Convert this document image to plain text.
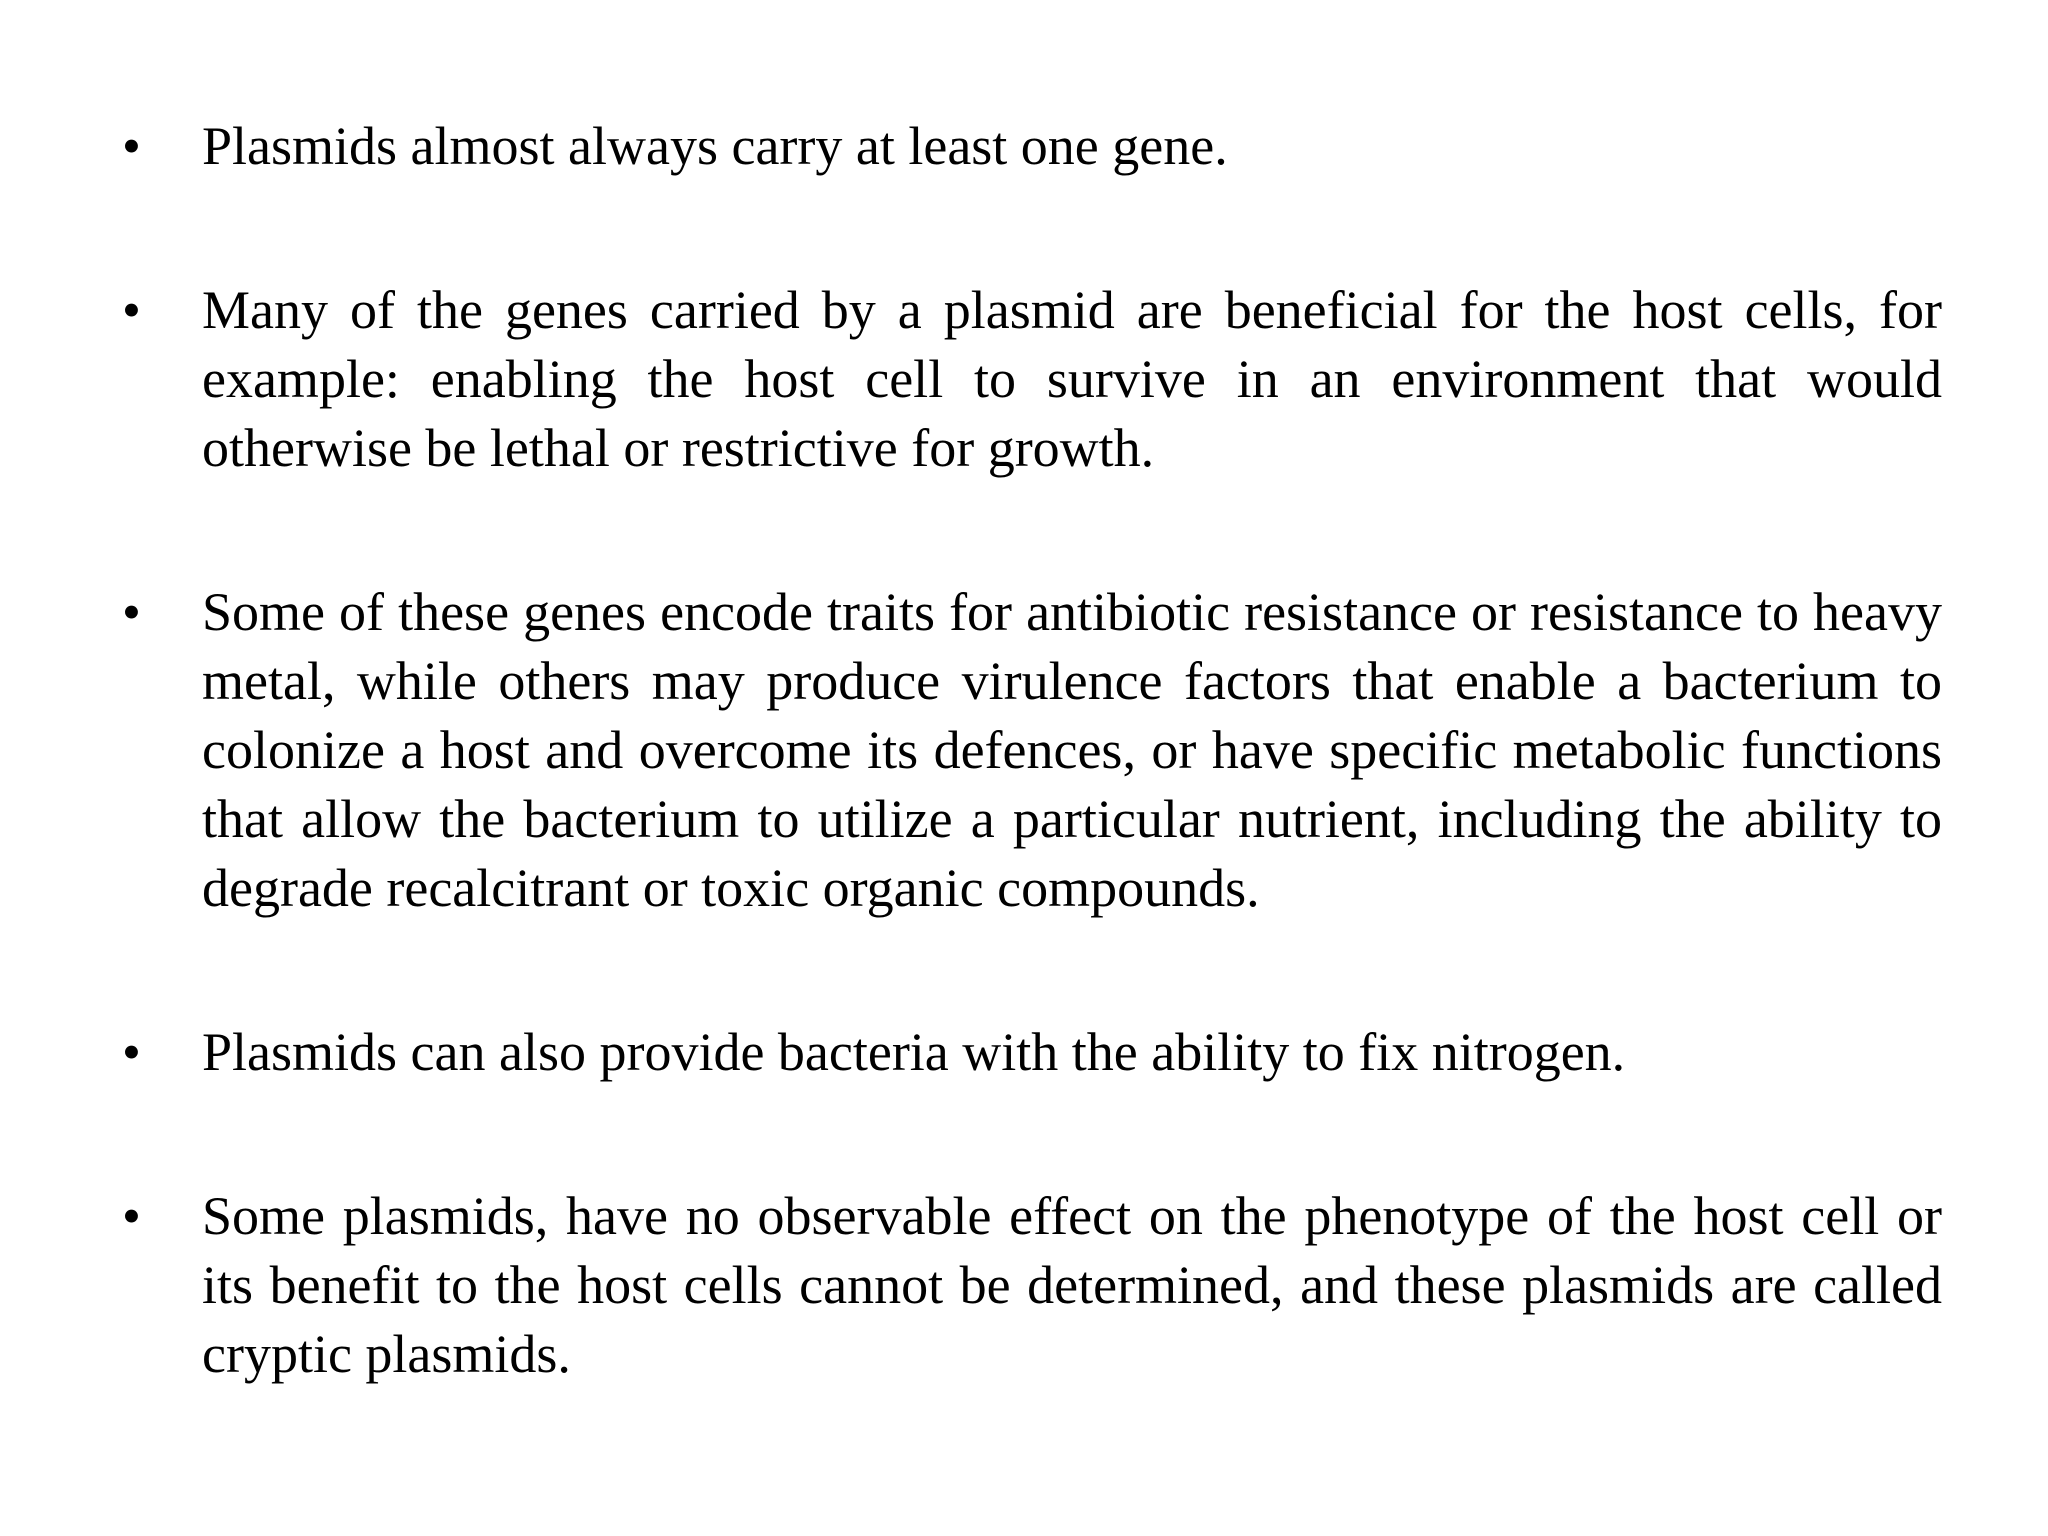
•	Plasmids almost always carry at least one gene.
•	Many of the genes carried by a plasmid are beneficial for the host cells, for example: enabling the host cell to survive in an environment that would otherwise be lethal or restrictive for growth.
•	Some of these genes encode traits for antibiotic resistance or resistance to heavy metal, while others may produce virulence factors that enable a bacterium to colonize a host and overcome its defences, or have specific metabolic functions that allow the bacterium to utilize a particular nutrient, including the ability to degrade recalcitrant or toxic organic compounds.
•	Plasmids can also provide bacteria with the ability to fix nitrogen.
•	Some plasmids, have no observable effect on the phenotype of the host cell or its benefit to the host cells cannot be determined, and these plasmids are called cryptic plasmids.
